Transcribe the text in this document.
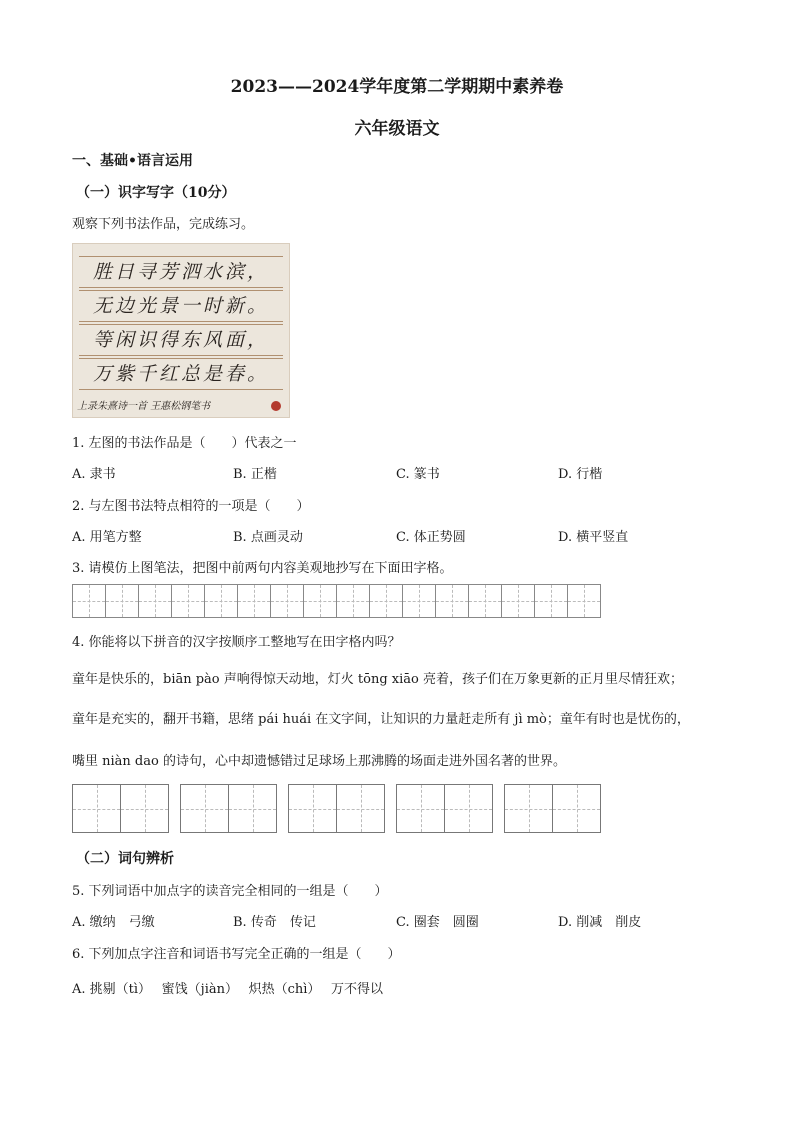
2023——2024学年度第二学期期中素养卷
六年级语文
一、基础•语言运用
（一）识字写字（10分）
观察下列书法作品，完成练习。
胜日寻芳泗水滨，
无边光景一时新。
等闲识得东风面，
万紫千红总是春。
上录朱熹诗一首 王惠松钢笔书
1. 左图的书法作品是（　　）代表之一
A. 隶书	B. 正楷	C. 篆书	D. 行楷
2. 与左图书法特点相符的一项是（　　）
A. 用笔方整	B. 点画灵动	C. 体正势圆	D. 横平竖直
3. 请模仿上图笔法，把图中前两句内容美观地抄写在下面田字格。
4. 你能将以下拼音的汉字按顺序工整地写在田字格内吗？
童年是快乐的，biān pào 声响得惊天动地，灯火 tōng xiāo 亮着，孩子们在万象更新的正月里尽情狂欢；
童年是充实的，翻开书籍，思绪 pái huái 在文字间，让知识的力量赶走所有 jì mò；童年有时也是忧伤的，
嘴里 niàn dao 的诗句，心中却遗憾错过足球场上那沸腾的场面走进外国名著的世界。
（二）词句辨析
5. 下列词语中加点字的读音完全相同的一组是（　　）
A. 缴纳　弓缴	B. 传奇　传记	C. 圈套　圆圈	D. 削减　削皮
6. 下列加点字注音和词语书写完全正确的一组是（　　）
A. 挑剔（tì）　 蜜饯（jiàn）　 炽热（chì）　 万不得以
